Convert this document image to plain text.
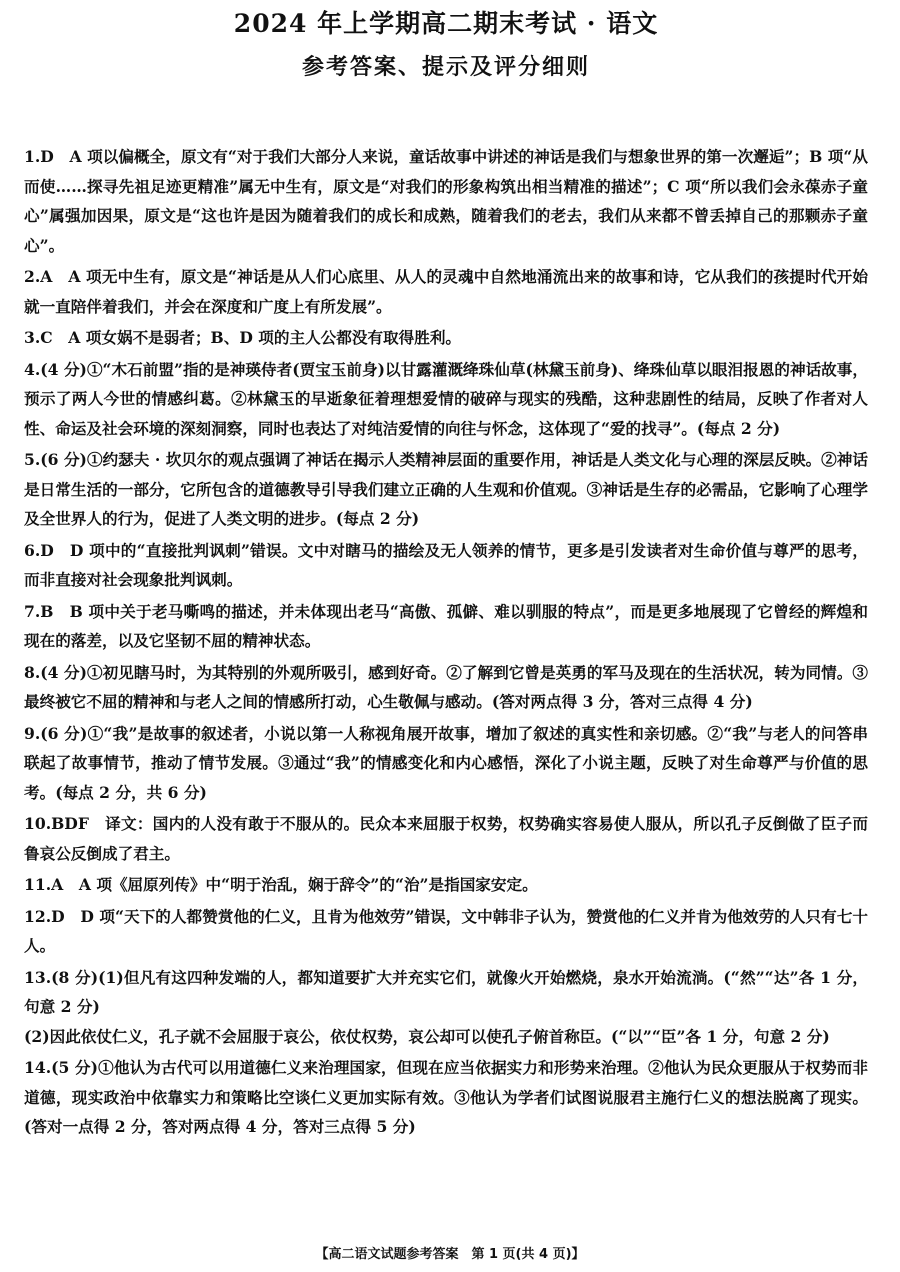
2024 年上学期高二期末考试 · 语文
参考答案、提示及评分细则

1.D　A 项以偏概全，原文有“对于我们大部分人来说，童话故事中讲述的神话是我们与想象世界的第一次邂逅”；B 项“从而使……探寻先祖足迹更精准”属无中生有，原文是“对我们的形象构筑出相当精准的描述”；C 项“所以我们会永葆赤子童心”属强加因果，原文是“这也许是因为随着我们的成长和成熟，随着我们的老去，我们从来都不曾丢掉自己的那颗赤子童心”。

2.A　A 项无中生有，原文是“神话是从人们心底里、从人的灵魂中自然地涌流出来的故事和诗，它从我们的孩提时代开始就一直陪伴着我们，并会在深度和广度上有所发展”。

3.C　A 项女娲不是弱者；B、D 项的主人公都没有取得胜利。

4.(4 分)①“木石前盟”指的是神瑛侍者(贾宝玉前身)以甘露灌溉绛珠仙草(林黛玉前身)、绛珠仙草以眼泪报恩的神话故事，预示了两人今世的情感纠葛。②林黛玉的早逝象征着理想爱情的破碎与现实的残酷，这种悲剧性的结局，反映了作者对人性、命运及社会环境的深刻洞察，同时也表达了对纯洁爱情的向往与怀念，这体现了“爱的找寻”。(每点 2 分)

5.(6 分)①约瑟夫 · 坎贝尔的观点强调了神话在揭示人类精神层面的重要作用，神话是人类文化与心理的深层反映。②神话是日常生活的一部分，它所包含的道德教导引导我们建立正确的人生观和价值观。③神话是生存的必需品，它影响了心理学及全世界人的行为，促进了人类文明的进步。(每点 2 分)

6.D　D 项中的“直接批判讽刺”错误。文中对瞎马的描绘及无人领养的情节，更多是引发读者对生命价值与尊严的思考，而非直接对社会现象批判讽刺。

7.B　B 项中关于老马嘶鸣的描述，并未体现出老马“高傲、孤僻、难以驯服的特点”，而是更多地展现了它曾经的辉煌和现在的落差，以及它坚韧不屈的精神状态。

8.(4 分)①初见瞎马时，为其特别的外观所吸引，感到好奇。②了解到它曾是英勇的军马及现在的生活状况，转为同情。③最终被它不屈的精神和与老人之间的情感所打动，心生敬佩与感动。(答对两点得 3 分，答对三点得 4 分)

9.(6 分)①“我”是故事的叙述者，小说以第一人称视角展开故事，增加了叙述的真实性和亲切感。②“我”与老人的问答串联起了故事情节，推动了情节发展。③通过“我”的情感变化和内心感悟，深化了小说主题，反映了对生命尊严与价值的思考。(每点 2 分，共 6 分)

10.BDF　译文：国内的人没有敢于不服从的。民众本来屈服于权势，权势确实容易使人服从，所以孔子反倒做了臣子而鲁哀公反倒成了君主。

11.A　A 项《屈原列传》中“明于治乱，娴于辞令”的“治”是指国家安定。

12.D　D 项“天下的人都赞赏他的仁义，且肯为他效劳”错误，文中韩非子认为，赞赏他的仁义并肯为他效劳的人只有七十人。

13.(8 分)(1)但凡有这四种发端的人，都知道要扩大并充实它们，就像火开始燃烧，泉水开始流淌。(“然”“达”各 1 分，句意 2 分)

(2)因此依仗仁义，孔子就不会屈服于哀公，依仗权势，哀公却可以使孔子俯首称臣。(“以”“臣”各 1 分，句意 2 分)

14.(5 分)①他认为古代可以用道德仁义来治理国家，但现在应当依据实力和形势来治理。②他认为民众更服从于权势而非道德，现实政治中依靠实力和策略比空谈仁义更加实际有效。③他认为学者们试图说服君主施行仁义的想法脱离了现实。(答对一点得 2 分，答对两点得 4 分，答对三点得 5 分)

【高二语文试题参考答案　第 1 页(共 4 页)】
